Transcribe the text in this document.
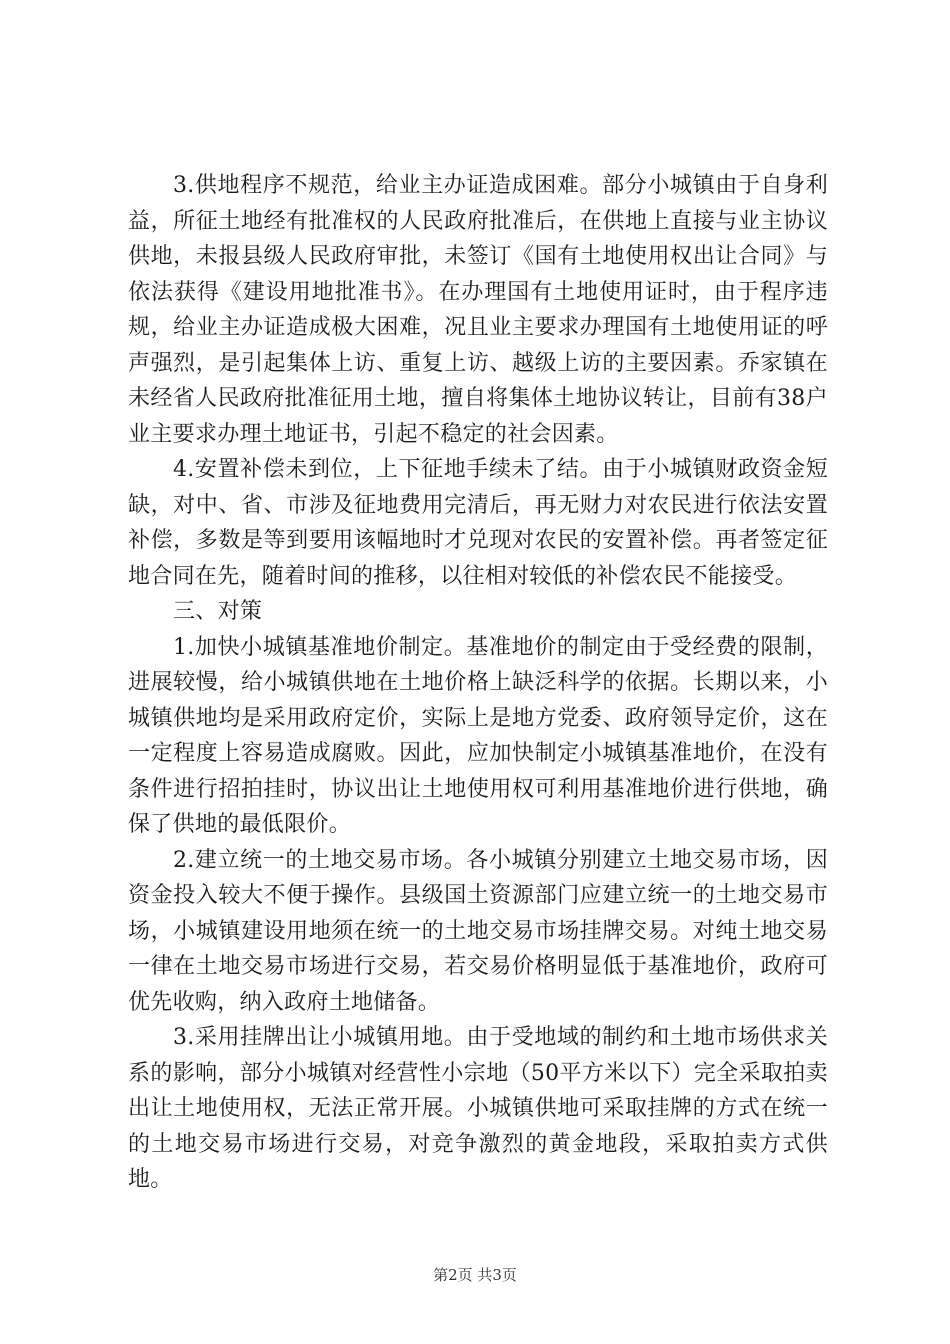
3.供地程序不规范，给业主办证造成困难。部分小城镇由于自身利益，所征土地经有批准权的人民政府批准后，在供地上直接与业主协议供地，未报县级人民政府审批，未签订《国有土地使用权出让合同》与依法获得《建设用地批准书》。在办理国有土地使用证时，由于程序违规，给业主办证造成极大困难，况且业主要求办理国有土地使用证的呼声强烈，是引起集体上访、重复上访、越级上访的主要因素。乔家镇在未经省人民政府批准征用土地，擅自将集体土地协议转让，目前有38户业主要求办理土地证书，引起不稳定的社会因素。

4.安置补偿未到位，上下征地手续未了结。由于小城镇财政资金短缺，对中、省、市涉及征地费用完清后，再无财力对农民进行依法安置补偿，多数是等到要用该幅地时才兑现对农民的安置补偿。再者签定征地合同在先，随着时间的推移，以往相对较低的补偿农民不能接受。

三、对策

1.加快小城镇基准地价制定。基准地价的制定由于受经费的限制，进展较慢，给小城镇供地在土地价格上缺泛科学的依据。长期以来，小城镇供地均是采用政府定价，实际上是地方党委、政府领导定价，这在一定程度上容易造成腐败。因此，应加快制定小城镇基准地价，在没有条件进行招拍挂时，协议出让土地使用权可利用基准地价进行供地，确保了供地的最低限价。

2.建立统一的土地交易市场。各小城镇分别建立土地交易市场，因资金投入较大不便于操作。县级国土资源部门应建立统一的土地交易市场，小城镇建设用地须在统一的土地交易市场挂牌交易。对纯土地交易一律在土地交易市场进行交易，若交易价格明显低于基准地价，政府可优先收购，纳入政府土地储备。

3.采用挂牌出让小城镇用地。由于受地域的制约和土地市场供求关系的影响，部分小城镇对经营性小宗地（50平方米以下）完全采取拍卖出让土地使用权，无法正常开展。小城镇供地可采取挂牌的方式在统一的土地交易市场进行交易，对竞争激烈的黄金地段，采取拍卖方式供地。

第2页 共3页
